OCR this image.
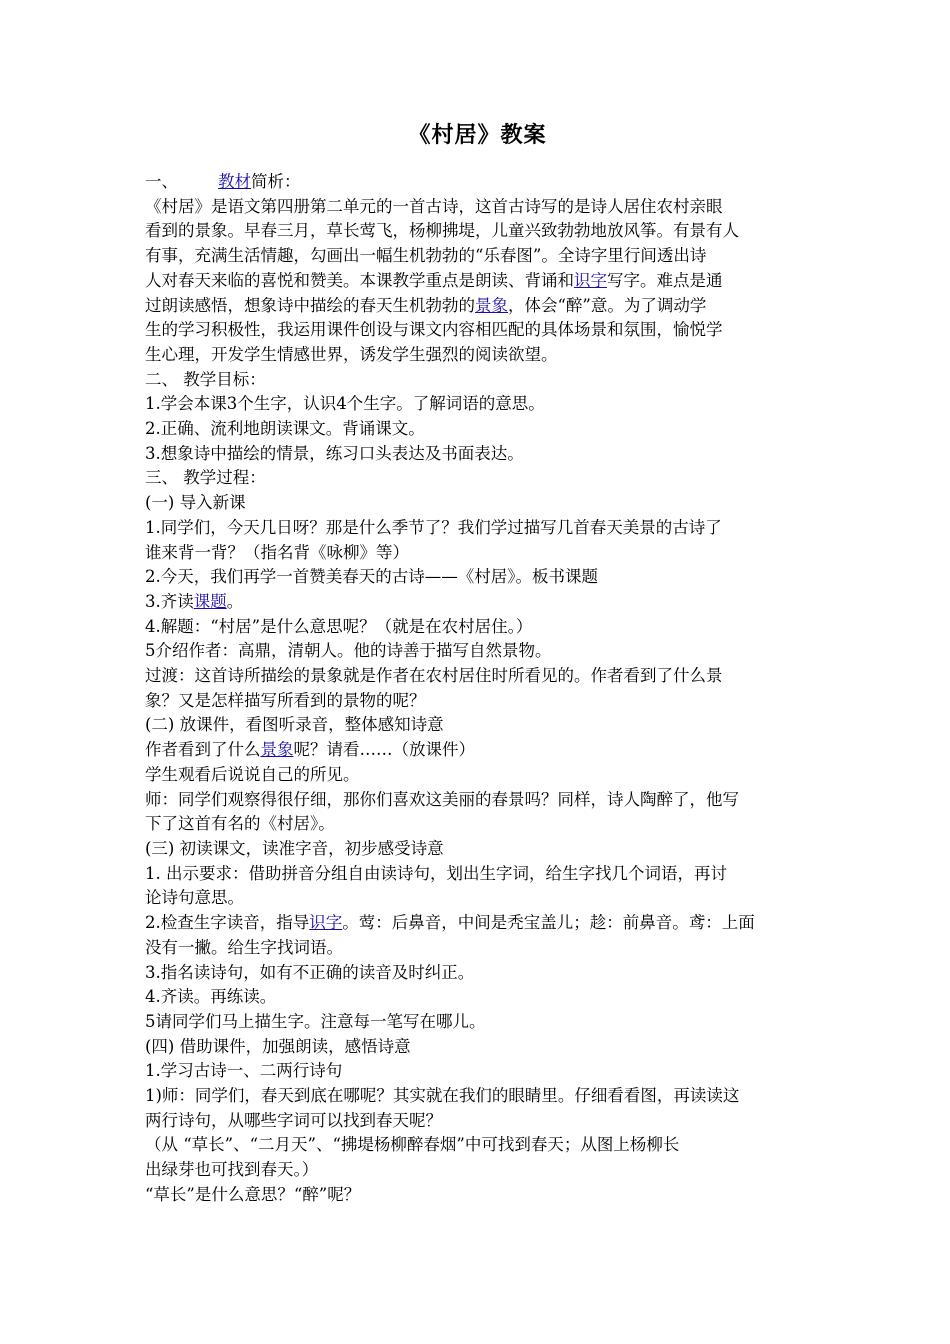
《村居》教案
一、 教材简析：
《村居》是语文第四册第二单元的一首古诗，这首古诗写的是诗人居住农村亲眼
看到的景象。早春三月，草长莺飞，杨柳拂堤，儿童兴致勃勃地放风筝。有景有人
有事，充满生活情趣，勾画出一幅生机勃勃的“乐春图”。全诗字里行间透出诗
人对春天来临的喜悦和赞美。本课教学重点是朗读、背诵和识字写字。难点是通
过朗读感悟，想象诗中描绘的春天生机勃勃的景象，体会“醉”意。为了调动学
生的学习积极性，我运用课件创设与课文内容相匹配的具体场景和氛围，愉悦学
生心理，开发学生情感世界，诱发学生强烈的阅读欲望。
二、 教学目标：
1.学会本课3个生字，认识4个生字。了解词语的意思。
2.正确、流利地朗读课文。背诵课文。
3.想象诗中描绘的情景，练习口头表达及书面表达。
三、 教学过程：
(一) 导入新课
1.同学们，今天几日呀？那是什么季节了？我们学过描写几首春天美景的古诗了
谁来背一背？（指名背《咏柳》等）
2.今天，我们再学一首赞美春天的古诗——《村居》。板书课题
3.齐读课题。
4.解题：“村居”是什么意思呢？（就是在农村居住。）
5介绍作者：高鼎，清朝人。他的诗善于描写自然景物。
过渡：这首诗所描绘的景象就是作者在农村居住时所看见的。作者看到了什么景
象？又是怎样描写所看到的景物的呢？
(二) 放课件，看图听录音，整体感知诗意
作者看到了什么景象呢？请看……（放课件）
学生观看后说说自己的所见。
师：同学们观察得很仔细，那你们喜欢这美丽的春景吗？同样，诗人陶醉了，他写
下了这首有名的《村居》。
(三) 初读课文，读准字音，初步感受诗意
1. 出示要求：借助拼音分组自由读诗句，划出生字词，给生字找几个词语，再讨
论诗句意思。
2.检查生字读音，指导识字。莺：后鼻音，中间是秃宝盖儿；趁：前鼻音。鸢：上面
没有一撇。给生字找词语。
3.指名读诗句，如有不正确的读音及时纠正。
4.齐读。再练读。
5请同学们马上描生字。注意每一笔写在哪儿。
(四) 借助课件，加强朗读，感悟诗意
1.学习古诗一、二两行诗句
1)师：同学们，春天到底在哪呢？其实就在我们的眼睛里。仔细看看图，再读读这
两行诗句，从哪些字词可以找到春天呢？
（从 “草长”、“二月天”、“拂堤杨柳醉春烟”中可找到春天；从图上杨柳长
出绿芽也可找到春天。）
“草长”是什么意思？“醉”呢？
